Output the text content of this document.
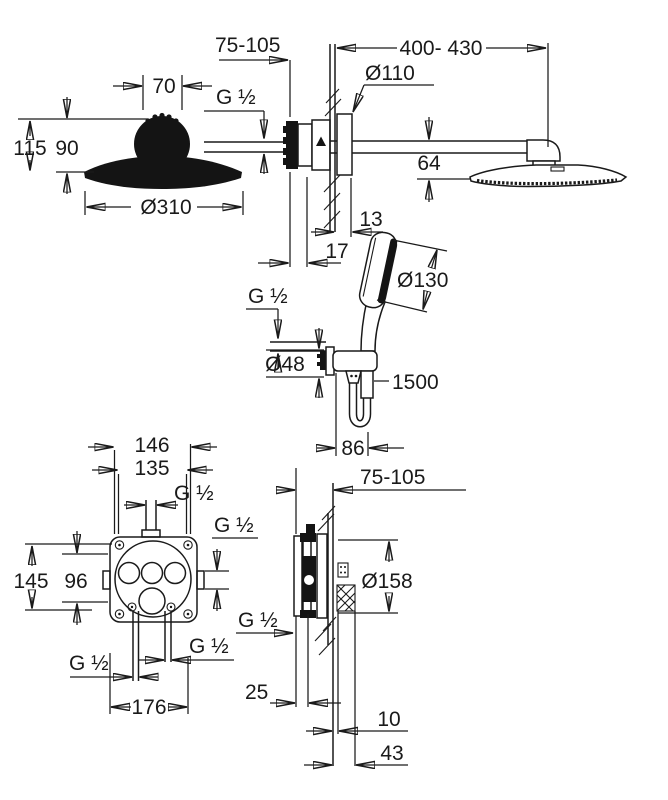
70
115 90
Ø310
G ½
75-105	400- 430
Ø110
64
13
17
Ø130
G ½
Ø48
1500
86
146
135
G ½
145 96
G ½
G ½
G ½
176
75-105
Ø158
G ½
25
10
43
